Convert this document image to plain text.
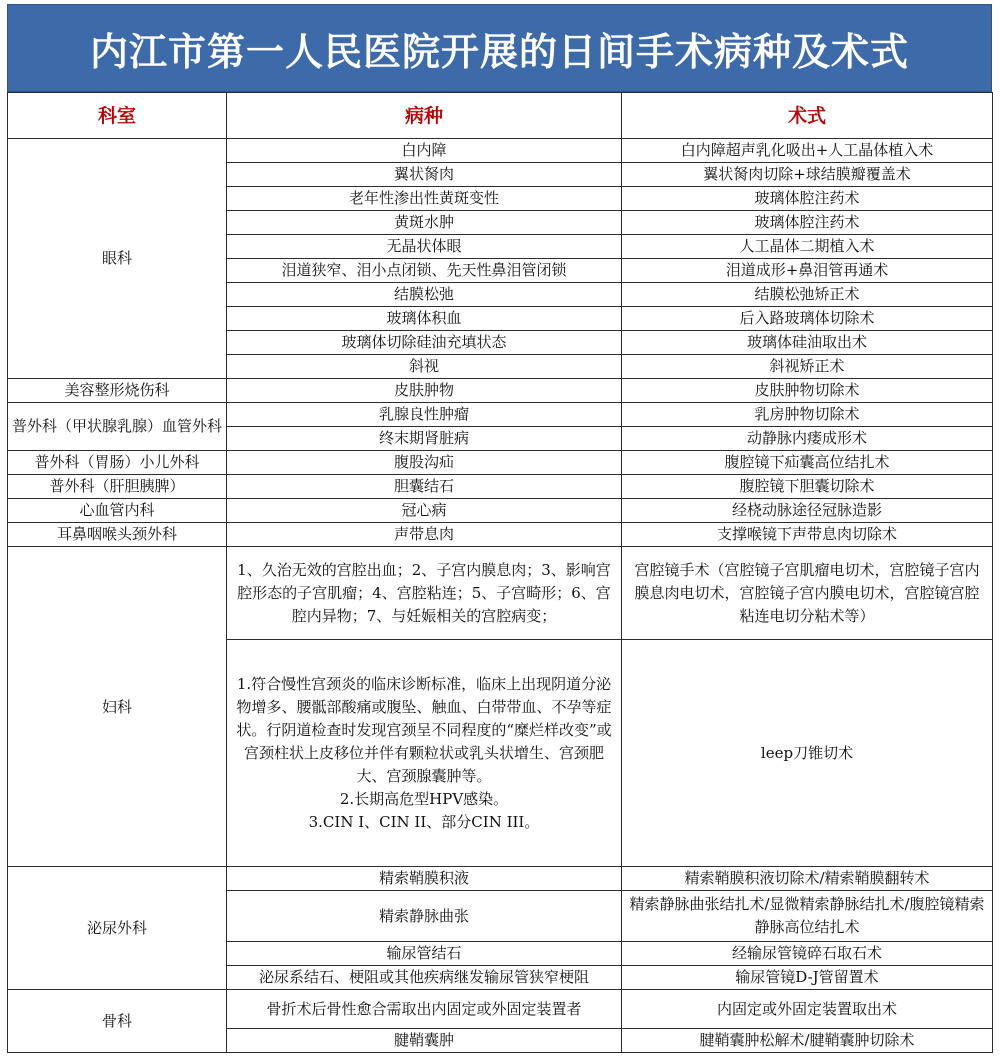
内江市第一人民医院开展的日间手术病种及术式
科室	病种	术式
眼科	白内障	白内障超声乳化吸出+人工晶体植入术
	翼状胬肉	翼状胬肉切除+球结膜瓣覆盖术
	老年性渗出性黄斑变性	玻璃体腔注药术
	黄斑水肿	玻璃体腔注药术
	无晶状体眼	人工晶体二期植入术
	泪道狭窄、泪小点闭锁、先天性鼻泪管闭锁	泪道成形+鼻泪管再通术
	结膜松弛	结膜松弛矫正术
	玻璃体积血	后入路玻璃体切除术
	玻璃体切除硅油充填状态	玻璃体硅油取出术
	斜视	斜视矫正术
美容整形烧伤科	皮肤肿物	皮肤肿物切除术
普外科（甲状腺乳腺）血管外科	乳腺良性肿瘤	乳房肿物切除术
	终末期肾脏病	动静脉内瘘成形术
普外科（胃肠）小儿外科	腹股沟疝	腹腔镜下疝囊高位结扎术
普外科（肝胆胰脾）	胆囊结石	腹腔镜下胆囊切除术
心血管内科	冠心病	经桡动脉途径冠脉造影
耳鼻咽喉头颈外科	声带息肉	支撑喉镜下声带息肉切除术
妇科	1、久治无效的宫腔出血；2、子宫内膜息肉；3、影响宫腔形态的子宫肌瘤；4、宫腔粘连；5、子宫畸形；6、宫腔内异物；7、与妊娠相关的宫腔病变；	宫腔镜手术（宫腔镜子宫肌瘤电切术，宫腔镜子宫内膜息肉电切术，宫腔镜子宫内膜电切术，宫腔镜宫腔粘连电切分粘术等）

	1.符合慢性宫颈炎的临床诊断标准，临床上出现阴道分泌物增多、腰骶部酸痛或腹坠、触血、白带带血、不孕等症状。行阴道检查时发现宫颈呈不同程度的“糜烂样改变”或宫颈柱状上皮移位并伴有颗粒状或乳头状增生、宫颈肥大、宫颈腺囊肿等。
2.长期高危型HPV感染。
3.CIN I、CIN II、部分CIN III。	leep刀锥切术
泌尿外科	精索鞘膜积液	精索鞘膜积液切除术/精索鞘膜翻转术
	精索静脉曲张	精索静脉曲张结扎术/显微精索静脉结扎术/腹腔镜精索静脉高位结扎术
	输尿管结石	经输尿管镜碎石取石术
	泌尿系结石、梗阻或其他疾病继发输尿管狭窄梗阻	输尿管镜D-J管留置术
骨科	骨折术后骨性愈合需取出内固定或外固定装置者	内固定或外固定装置取出术
	腱鞘囊肿	腱鞘囊肿松解术/腱鞘囊肿切除术
